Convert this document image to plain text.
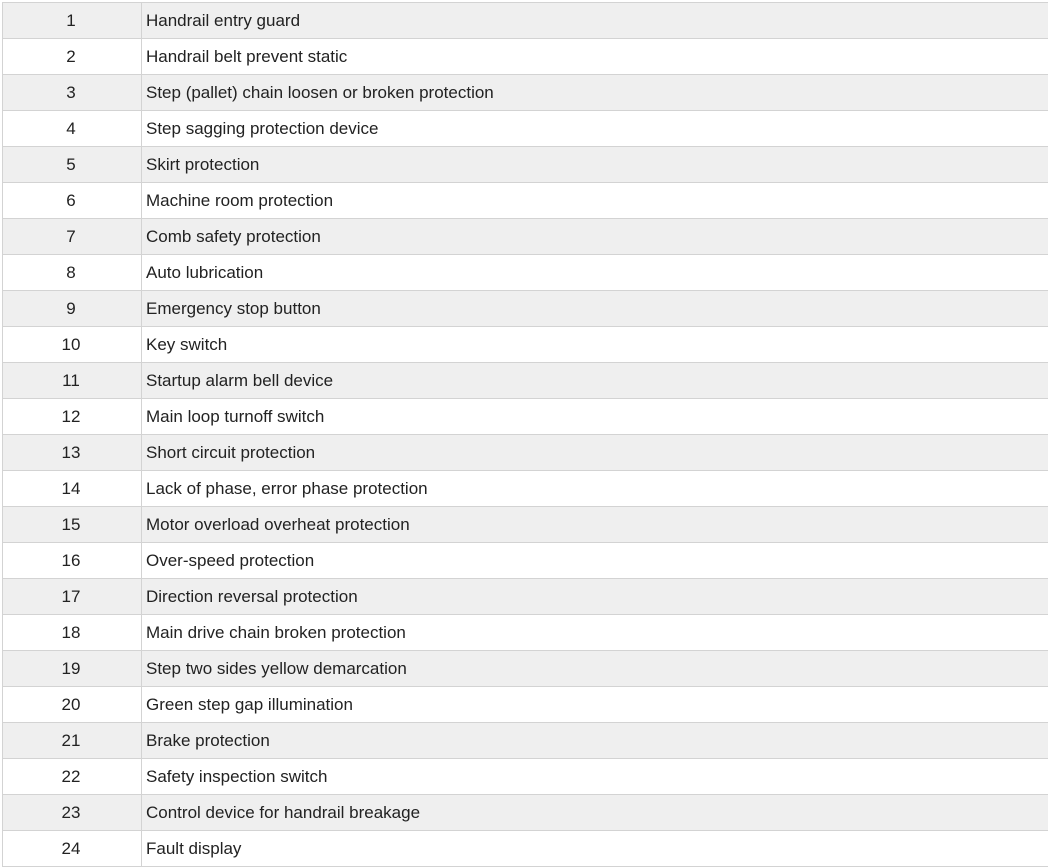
1	Handrail entry guard
2	Handrail belt prevent static
3	Step (pallet) chain loosen or broken protection
4	Step sagging protection device
5	Skirt protection
6	Machine room protection
7	Comb safety protection
8	Auto lubrication
9	Emergency stop button
10	Key switch
11	Startup alarm bell device
12	Main loop turnoff switch
13	Short circuit protection
14	Lack of phase, error phase protection
15	Motor overload overheat protection
16	Over-speed protection
17	Direction reversal protection
18	Main drive chain broken protection
19	Step two sides yellow demarcation
20	Green step gap illumination
21	Brake protection
22	Safety inspection switch
23	Control device for handrail breakage
24	Fault display
